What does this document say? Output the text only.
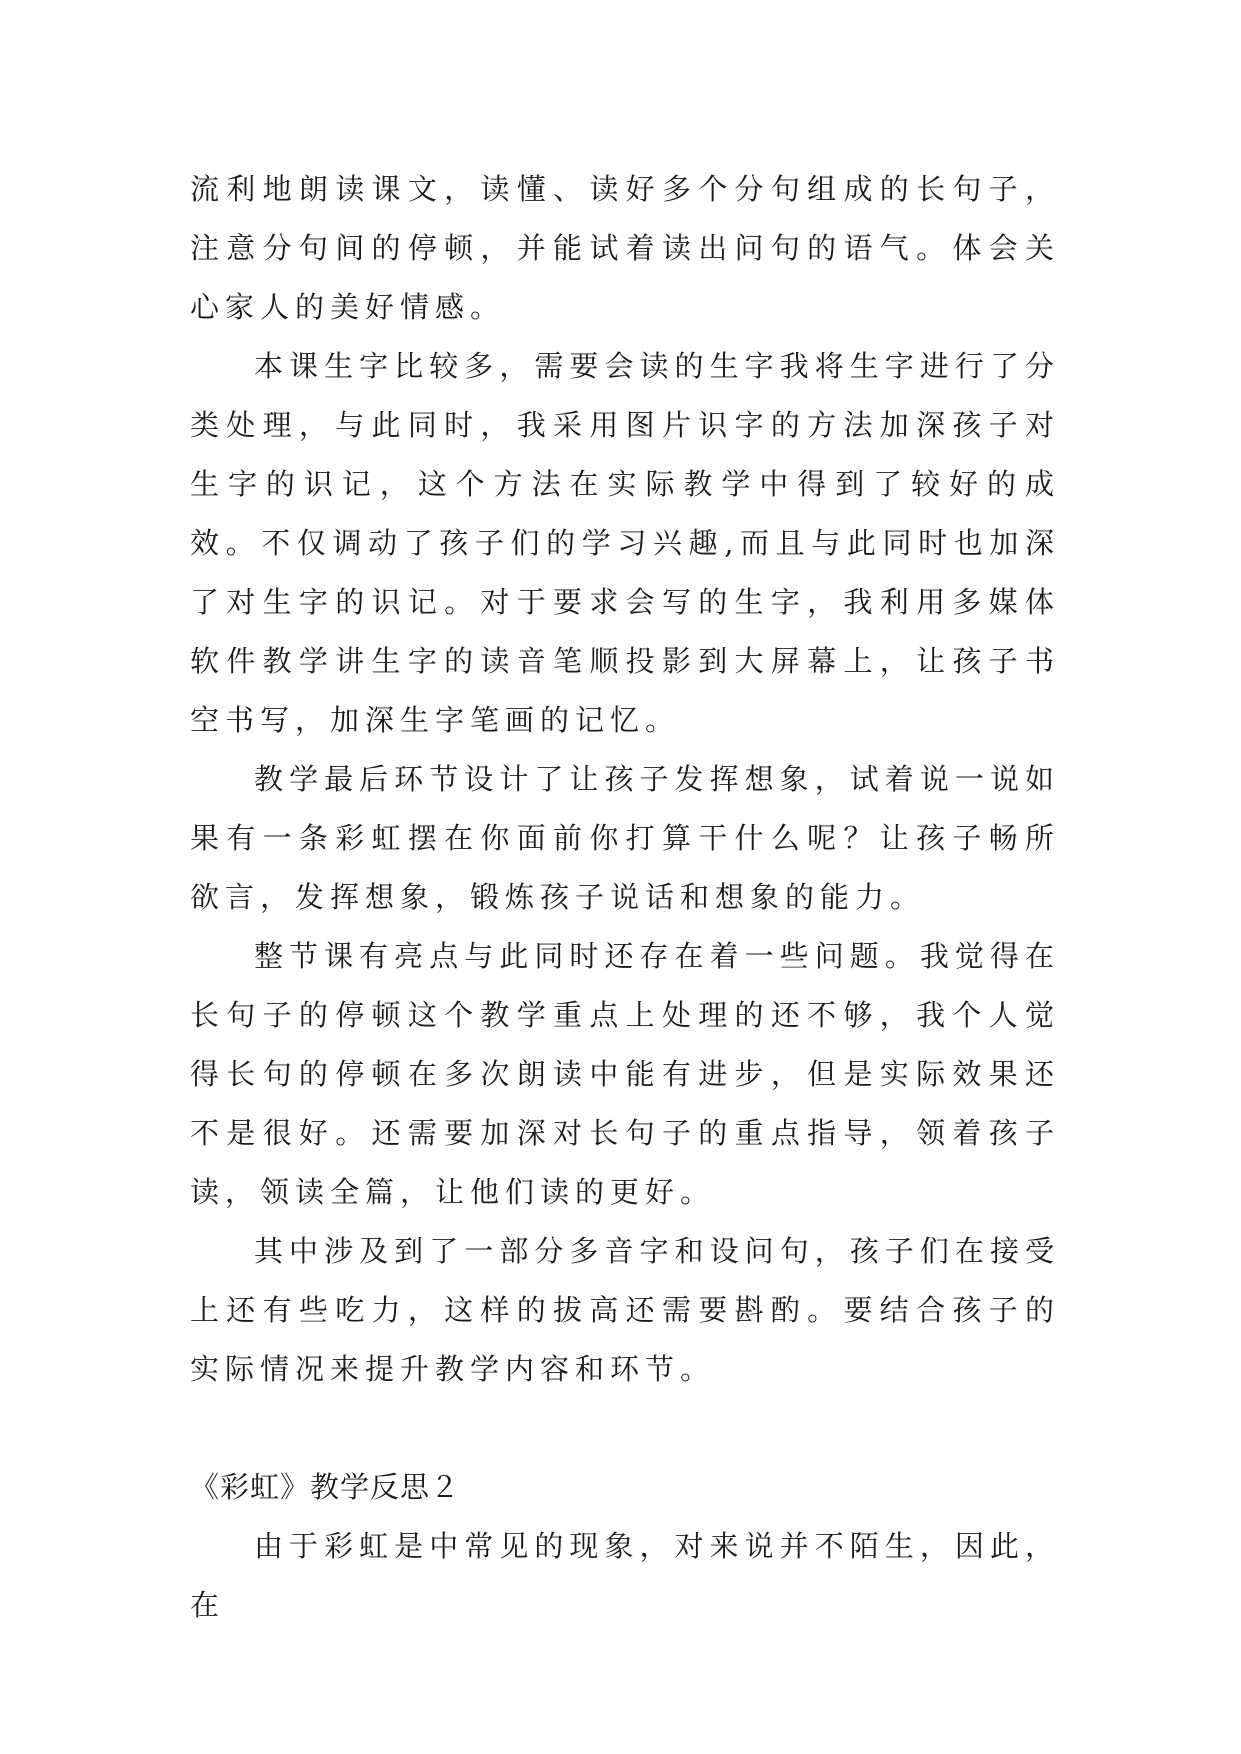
流利地朗读课文，读懂、读好多个分句组成的长句子，注意分句间的停顿，并能试着读出问句的语气。体会关心家人的美好情感。

本课生字比较多，需要会读的生字我将生字进行了分类处理，与此同时，我采用图片识字的方法加深孩子对生字的识记，这个方法在实际教学中得到了较好的成效。不仅调动了孩子们的学习兴趣,而且与此同时也加深了对生字的识记。对于要求会写的生字，我利用多媒体软件教学讲生字的读音笔顺投影到大屏幕上，让孩子书空书写，加深生字笔画的记忆。

教学最后环节设计了让孩子发挥想象，试着说一说如果有一条彩虹摆在你面前你打算干什么呢？让孩子畅所欲言，发挥想象，锻炼孩子说话和想象的能力。

整节课有亮点与此同时还存在着一些问题。我觉得在长句子的停顿这个教学重点上处理的还不够，我个人觉得长句的停顿在多次朗读中能有进步，但是实际效果还不是很好。还需要加深对长句子的重点指导，领着孩子读，领读全篇，让他们读的更好。

其中涉及到了一部分多音字和设问句，孩子们在接受上还有些吃力，这样的拔高还需要斟酌。要结合孩子的实际情况来提升教学内容和环节。

《彩虹》教学反思２

由于彩虹是中常见的现象，对来说并不陌生，因此，在
